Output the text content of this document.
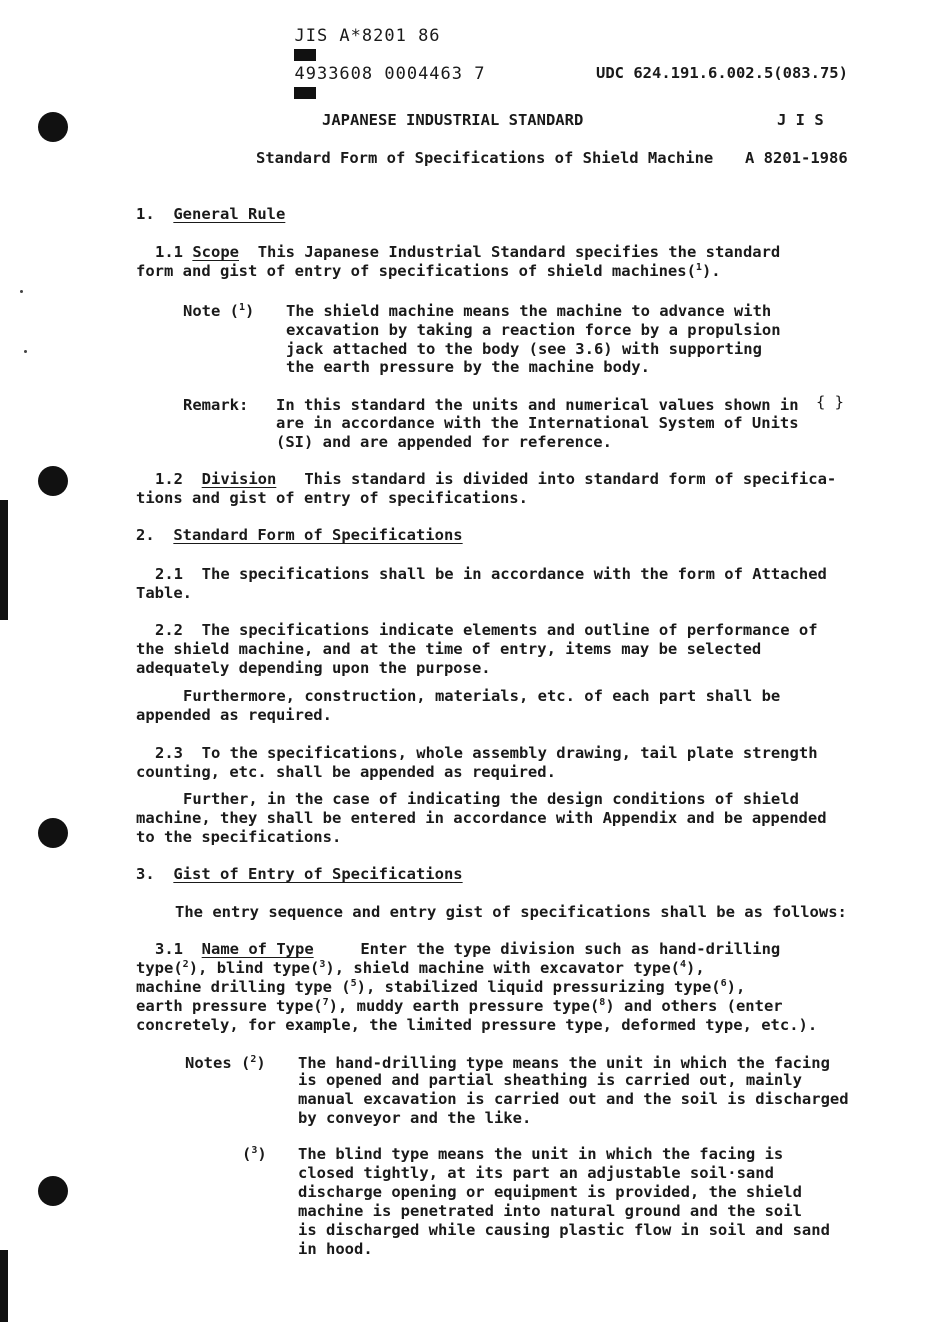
JIS A*8201 86

4933608 0004463 7
	UDC 624.191.6.002.5(083.75)
JAPANESE INDUSTRIAL STANDARD	J I S
Standard Form of Specifications of Shield Machine A 8201-1986
1. General Rule
1.1 Scope This Japanese Industrial Standard specifies the standard
form and gist of entry of specifications of shield machines($^1$).
Note ($^1$) The shield machine means the machine to advance with
excavation by taking a reaction force by a propulsion
jack attached to the body (see 3.6) with supporting
the earth pressure by the machine body.
Remark: In this standard the units and numerical values shown in { }
are in accordance with the International System of Units
(SI) and are appended for reference.
1.2 Division This standard is divided into standard form of specifica-
tions and gist of entry of specifications.
2. Standard Form of Specifications
2.1  The specifications shall be in accordance with the form of Attached
Table.
2.2  The specifications indicate elements and outline of performance of
the shield machine, and at the time of entry, items may be selected
adequately depending upon the purpose.
Furthermore, construction, materials, etc. of each part shall be
appended as required.
2.3  To the specifications, whole assembly drawing, tail plate strength
counting, etc. shall be appended as required.
Further, in the case of indicating the design conditions of shield
machine, they shall be entered in accordance with Appendix and be appended
to the specifications.
3. Gist of Entry of Specifications
The entry sequence and entry gist of specifications shall be as follows:
3.1 Name of Type	Enter the type division such as hand-drilling
type($^2$), blind type($^3$), shield machine with excavator type($^4$),
machine drilling type ($^5$), stabilized liquid pressurizing type($^6$),
earth pressure type($^7$), muddy earth pressure type($^8$) and others (enter
concretely, for example, the limited pressure type, deformed type, etc.).
Notes ($^2$) The hand-drilling type means the unit in which the facing
is opened and partial sheathing is carried out, mainly
manual excavation is carried out and the soil is discharged
by conveyor and the like.
($^3$) The blind type means the unit in which the facing is
closed tightly, at its part an adjustable soil·sand
discharge opening or equipment is provided, the shield
machine is penetrated into natural ground and the soil
is discharged while causing plastic flow in soil and sand
in hood.
